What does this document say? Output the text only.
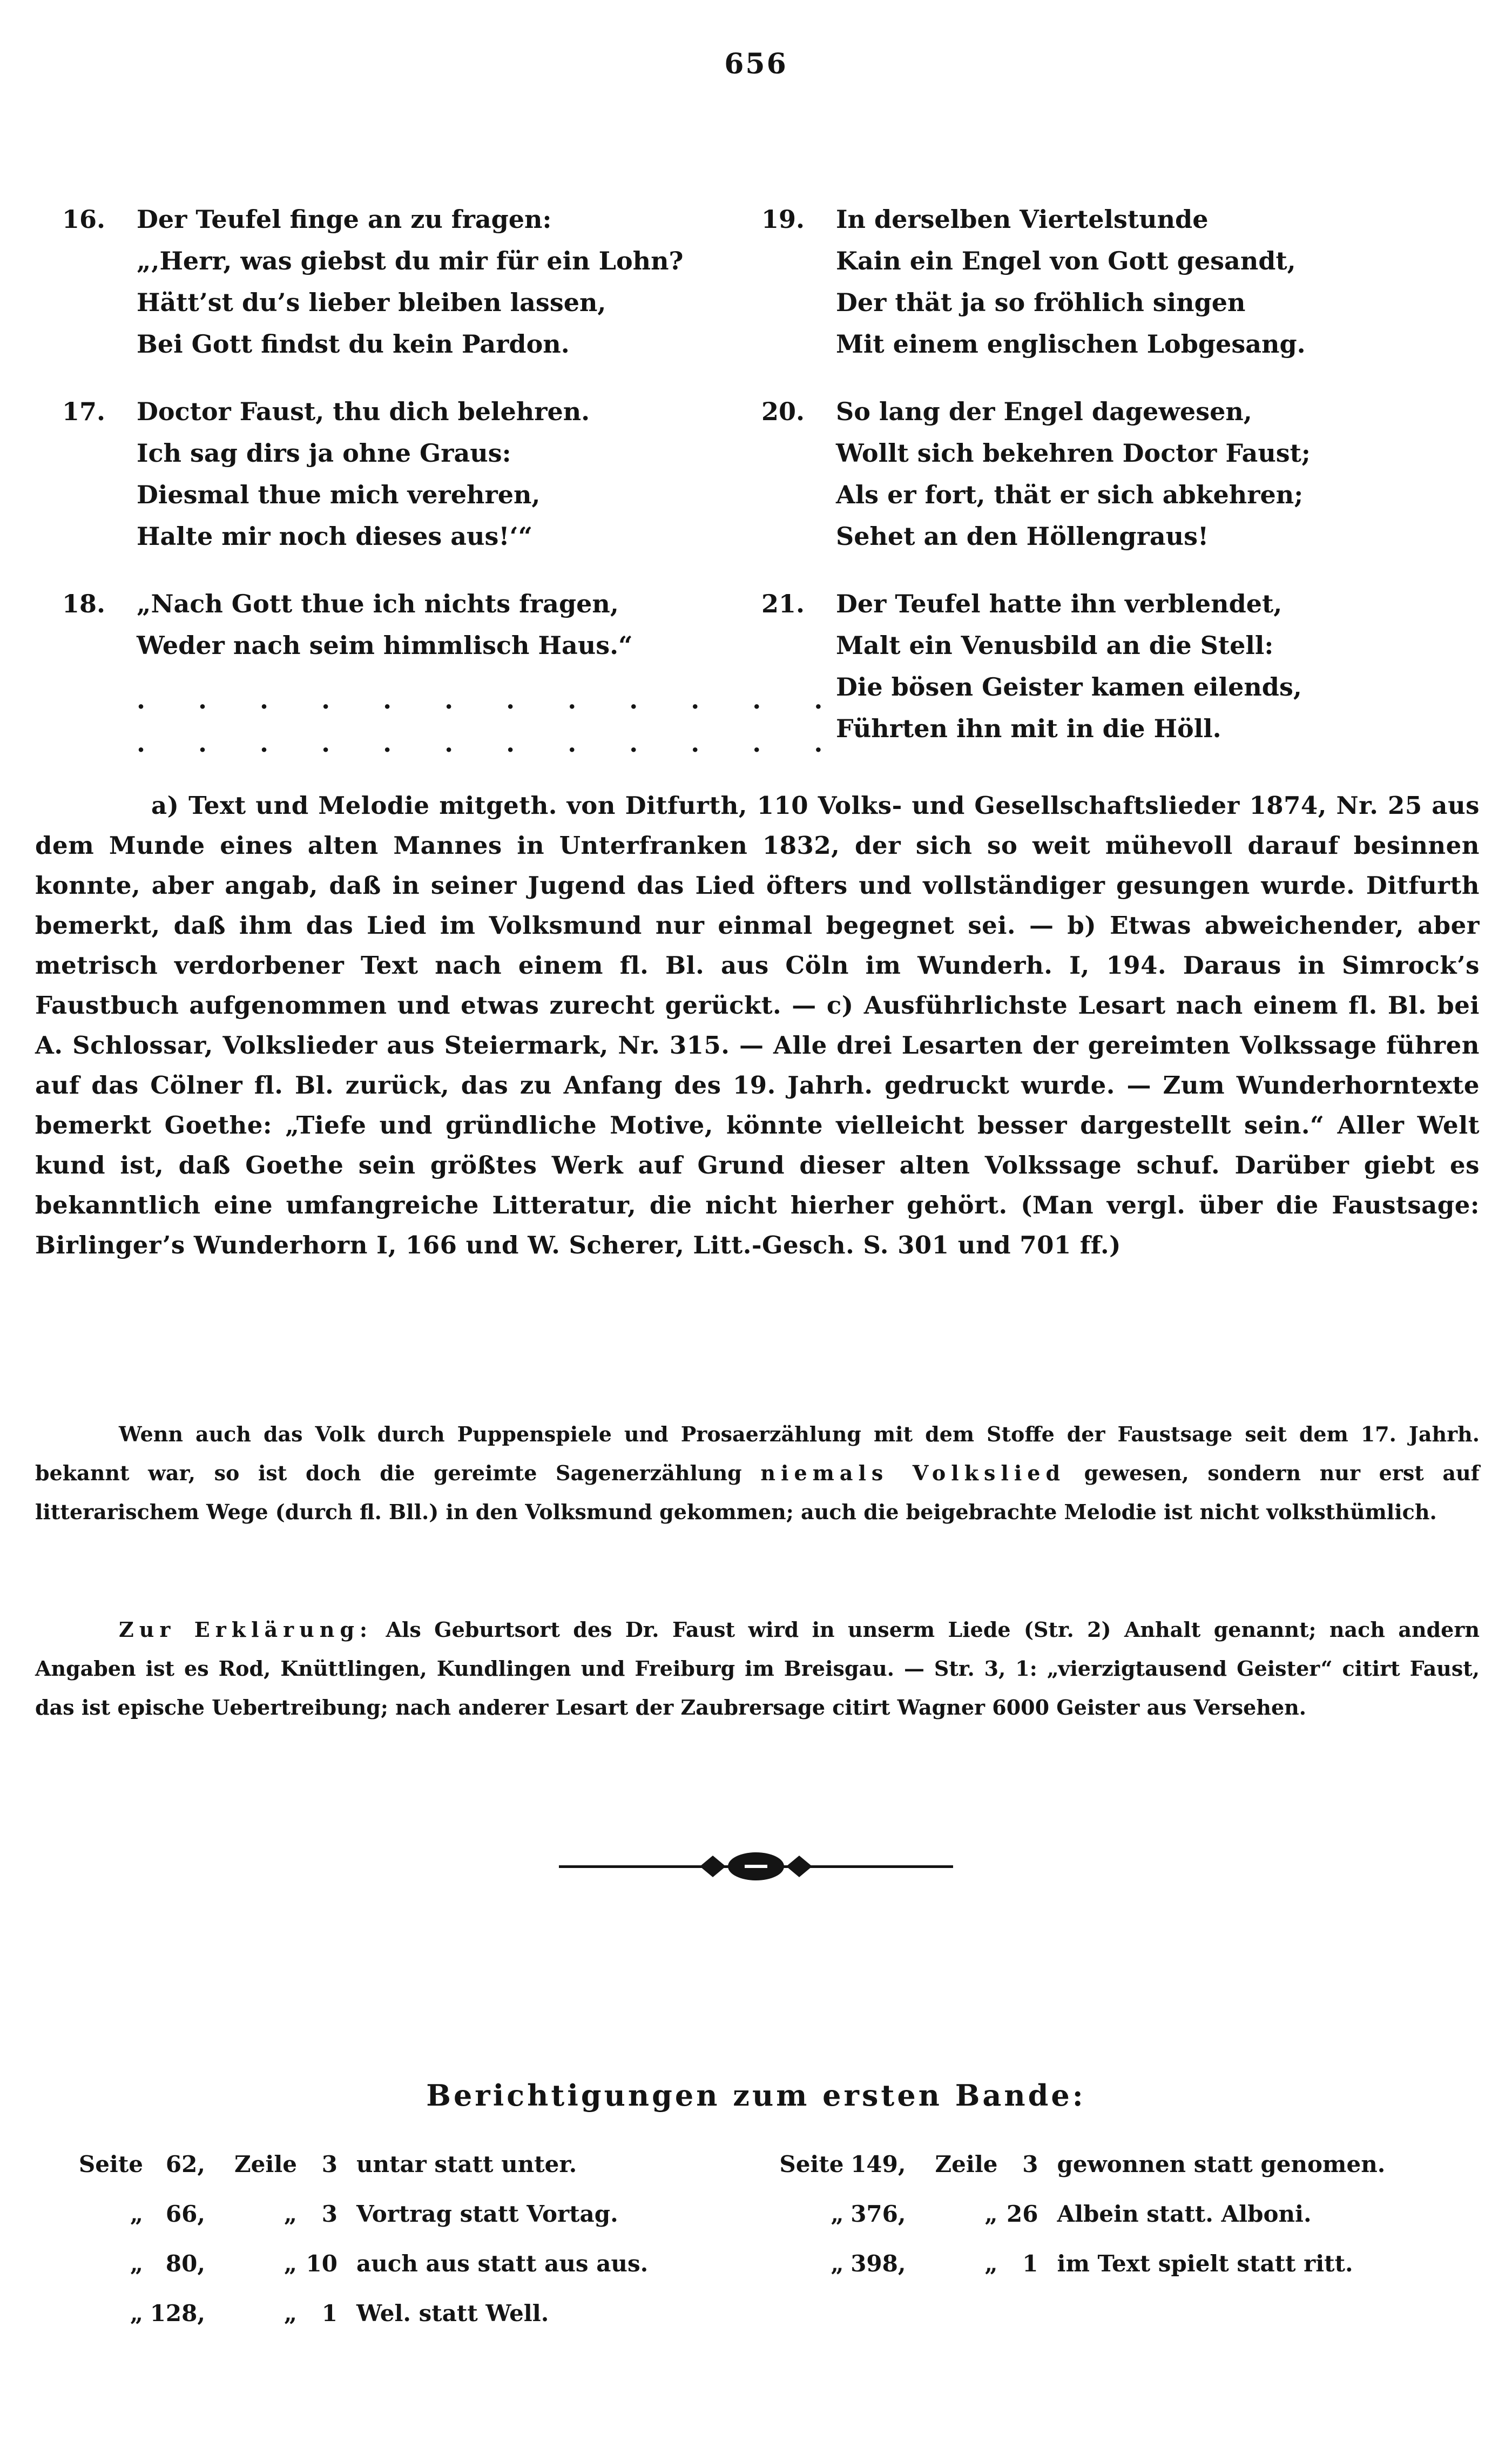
656
16.	Der Teufel finge an zu fragen:
„‚Herr, was giebst du mir für ein Lohn?
Hätt’st du’s lieber bleiben lassen,
Bei Gott findst du kein Pardon.
17.	Doctor Faust, thu dich belehren.
Ich sag dirs ja ohne Graus:
Diesmal thue mich verehren,
Halte mir noch dieses aus!‘“
18.	„Nach Gott thue ich nichts fragen,
Weder nach seim himmlisch Haus.“
. . . . . . . . . . . .
. . . . . . . . . . . .
19.	In derselben Viertelstunde
Kain ein Engel von Gott gesandt,
Der thät ja so fröhlich singen
Mit einem englischen Lobgesang.
20.	So lang der Engel dagewesen,
Wollt sich bekehren Doctor Faust;
Als er fort, thät er sich abkehren;
Sehet an den Höllengraus!
21.	Der Teufel hatte ihn verblendet,
Malt ein Venusbild an die Stell:
Die bösen Geister kamen eilends,
Führten ihn mit in die Höll.
a) Text und Melodie mitgeth. von Ditfurth, 110 Volks- und Gesellschaftslieder 1874, Nr. 25 aus dem Munde eines alten Mannes in Unterfranken 1832, der sich so weit mühevoll darauf besinnen konnte, aber angab, daß in seiner Jugend das Lied öfters und vollständiger gesungen wurde. Ditfurth bemerkt, daß ihm das Lied im Volksmund nur einmal begegnet sei. — b) Etwas abweichender, aber metrisch verdorbener Text nach einem fl. Bl. aus Cöln im Wunderh. I, 194. Daraus in Simrock’s Faustbuch aufgenommen und etwas zurecht gerückt. — c) Ausführlichste Lesart nach einem fl. Bl. bei A. Schlossar, Volkslieder aus Steiermark, Nr. 315. — Alle drei Lesarten der gereimten Volkssage führen auf das Cölner fl. Bl. zurück, das zu Anfang des 19. Jahrh. gedruckt wurde. — Zum Wunderhorntexte bemerkt Goethe: „Tiefe und gründliche Motive, könnte vielleicht besser dargestellt sein.“ Aller Welt kund ist, daß Goethe sein größtes Werk auf Grund dieser alten Volkssage schuf. Darüber giebt es bekanntlich eine umfangreiche Litteratur, die nicht hierher gehört. (Man vergl. über die Faustsage: Birlinger’s Wunderhorn I, 166 und W. Scherer, Litt.-Gesch. S. 301 und 701 ff.)
Wenn auch das Volk durch Puppenspiele und Prosaerzählung mit dem Stoffe der Faustsage seit dem 17. Jahrh. bekannt war, so ist doch die gereimte Sagenerzählung niemals Volkslied gewesen, sondern nur erst auf litterarischem Wege (durch fl. Bll.) in den Volksmund gekommen; auch die beigebrachte Melodie ist nicht volksthümlich.
Zur Erklärung: Als Geburtsort des Dr. Faust wird in unserm Liede (Str. 2) Anhalt genannt; nach andern Angaben ist es Rod, Knüttlingen, Kundlingen und Freiburg im Breisgau. — Str. 3, 1: „vierzigtausend Geister“ citirt Faust, das ist epische Uebertreibung; nach anderer Lesart der Zaubrersage citirt Wagner 6000 Geister aus Versehen.
Berichtigungen zum ersten Bande:
Seite 62,	Zeile	3 untar statt unter.
„ 66,	„	3 Vortrag statt Vortag.
„ 80,	„ 10 auch aus statt aus aus.
„ 128,	„	1 Wel. statt Well.
Seite 149,	Zeile	3 gewonnen statt genomen.
„ 376,	„ 26 Albein statt. Alboni.
„ 398,	„	1 im Text spielt statt ritt.
